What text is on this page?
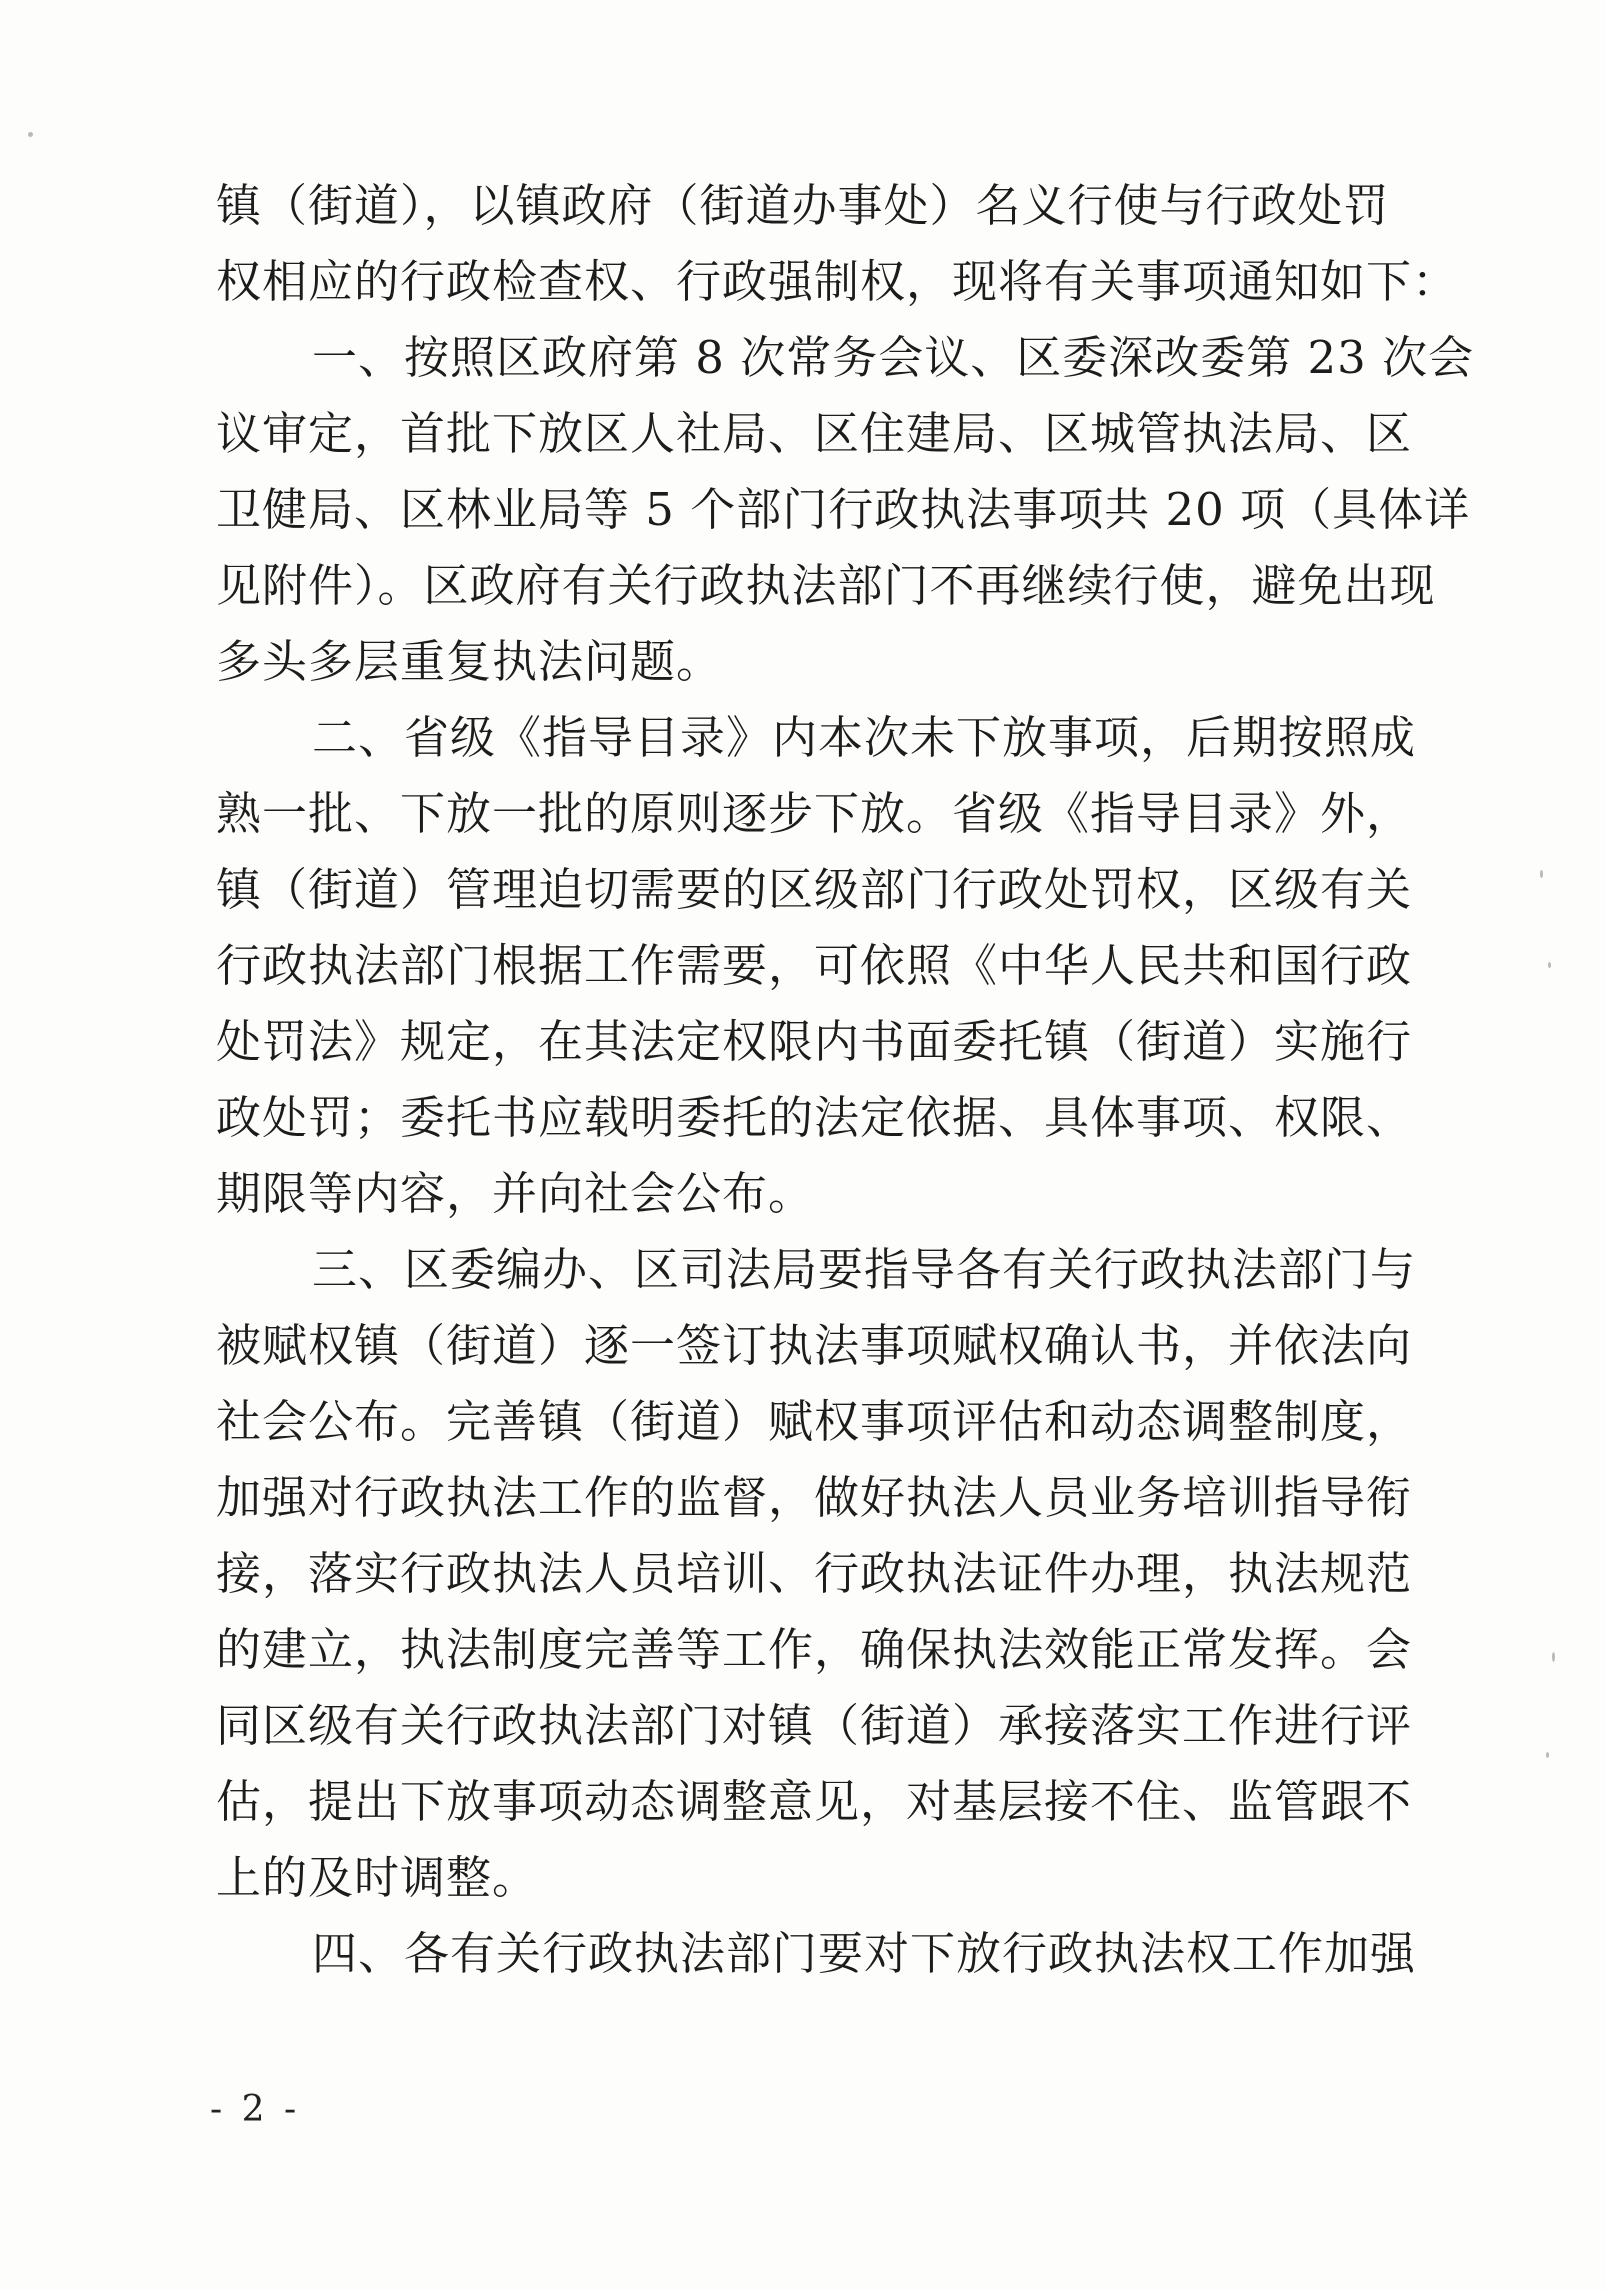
镇（街道），以镇政府（街道办事处）名义行使与行政处罚
权相应的行政检查权、行政强制权，现将有关事项通知如下：
一、按照区政府第 8 次常务会议、区委深改委第 23 次会
议审定，首批下放区人社局、区住建局、区城管执法局、区
卫健局、区林业局等 5 个部门行政执法事项共 20 项（具体详
见附件）。区政府有关行政执法部门不再继续行使，避免出现
多头多层重复执法问题。
二、省级《指导目录》内本次未下放事项，后期按照成
熟一批、下放一批的原则逐步下放。省级《指导目录》外，
镇（街道）管理迫切需要的区级部门行政处罚权，区级有关
行政执法部门根据工作需要，可依照《中华人民共和国行政
处罚法》规定，在其法定权限内书面委托镇（街道）实施行
政处罚；委托书应载明委托的法定依据、具体事项、权限、
期限等内容，并向社会公布。
三、区委编办、区司法局要指导各有关行政执法部门与
被赋权镇（街道）逐一签订执法事项赋权确认书，并依法向
社会公布。完善镇（街道）赋权事项评估和动态调整制度，
加强对行政执法工作的监督，做好执法人员业务培训指导衔
接，落实行政执法人员培训、行政执法证件办理，执法规范
的建立，执法制度完善等工作，确保执法效能正常发挥。会
同区级有关行政执法部门对镇（街道）承接落实工作进行评
估，提出下放事项动态调整意见，对基层接不住、监管跟不
上的及时调整。
四、各有关行政执法部门要对下放行政执法权工作加强
- 2 -
